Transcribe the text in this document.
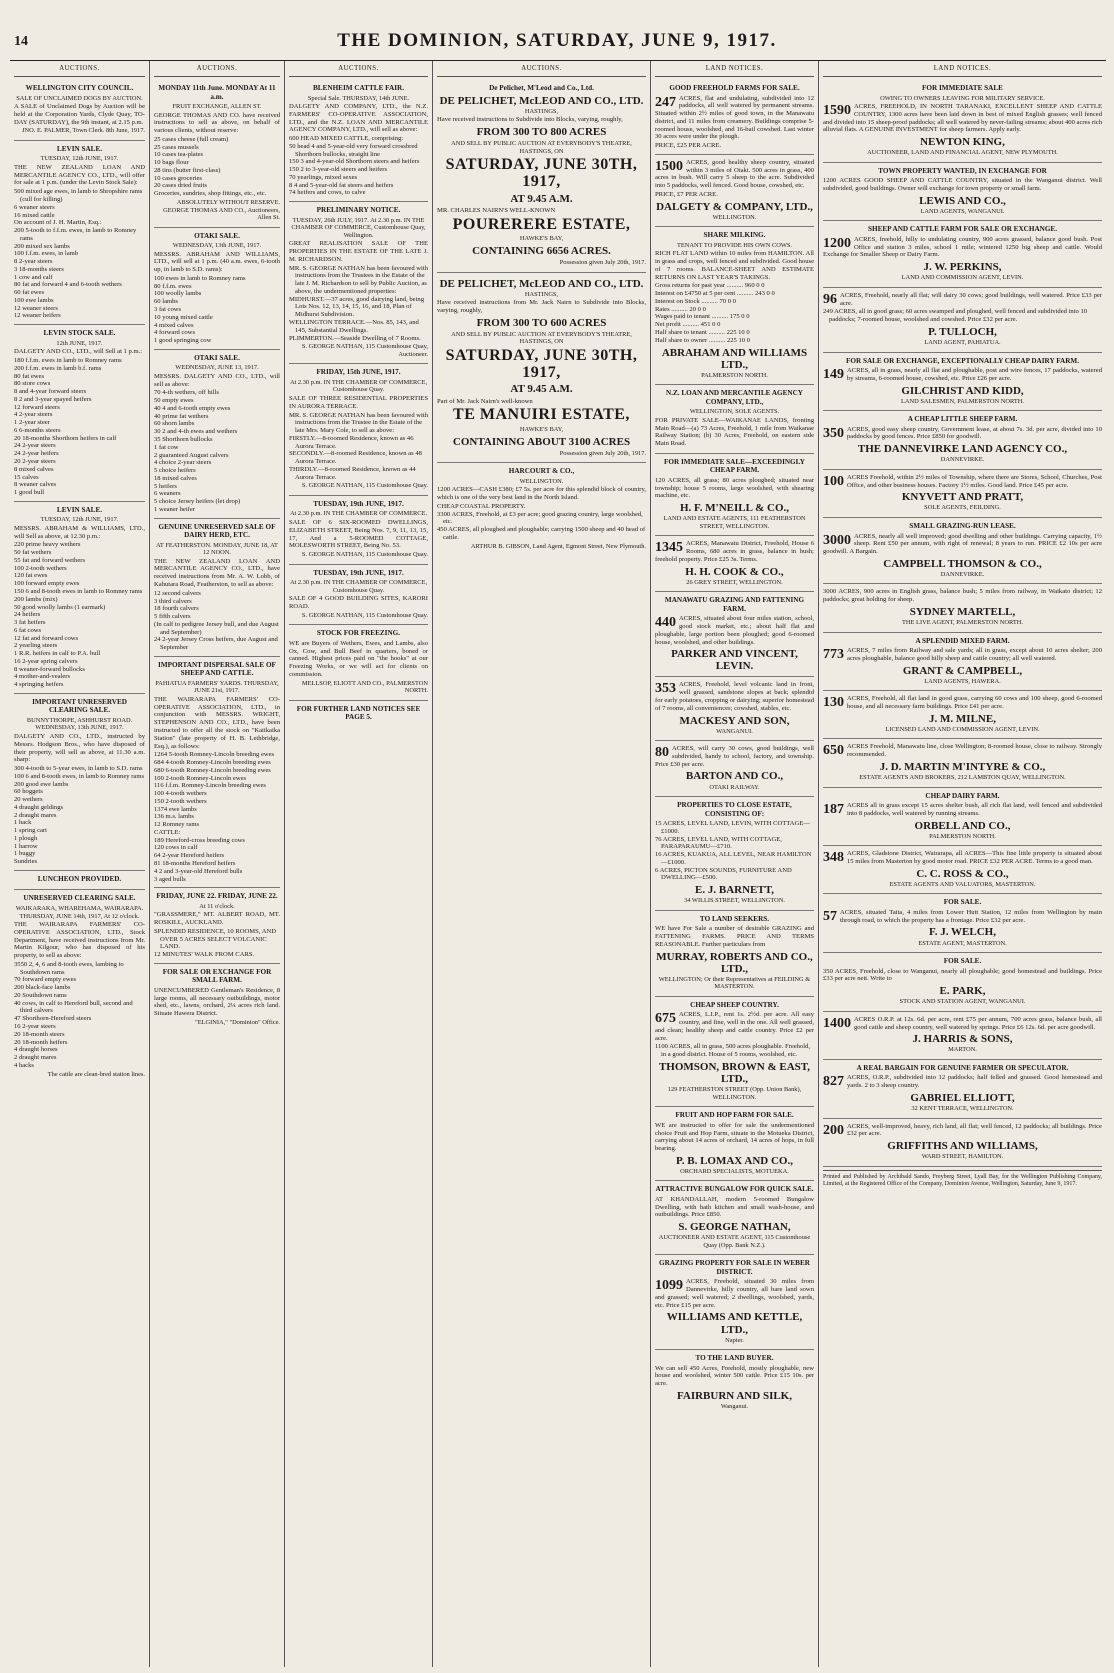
14	THE DOMINION, SATURDAY, JUNE 9, 1917.
AUCTIONS.
WELLINGTON CITY COUNCIL.
SALE OF UNCLAIMED DOGS BY AUCTION.
A SALE of Unclaimed Dogs by Auction will be held at the Corporation Yards, Clyde Quay, TO-DAY (SATURDAY), the 9th instant, at 2.15 p.m.
JNO. E. PALMER, Town Clerk. 8th June, 1917.
LEVIN SALE.
TUESDAY, 12th JUNE, 1917.
THE NEW ZEALAND LOAN AND MERCANTILE AGENCY CO., LTD., will offer for sale at 1 p.m. (under the Levin Stock Sale):
500 mixed age ewes, in lamb to Shropshire rams (cull for killing)
6 weaner steers
16 mixed cattle
On account of J. H. Martin, Esq.:
200 5-tooth to f.f.m. ewes, in lamb to Romney rams
200 mixed sex lambs
100 f.f.m. ewes, in lamb
8 2-year steers
3 18-months steers
1 cow and calf
80 fat and forward 4 and 6-tooth wethers
60 fat ewes
100 ewe lambs
12 weaner steers
12 weaner heifers
LEVIN STOCK SALE.
12th JUNE, 1917.
DALGETY AND CO., LTD., will Sell at 1 p.m.:
180 f.f.m. ewes in lamb to Romney rams
200 f.f.m. ewes in lamb b.f. rams
80 fat ewes
80 store cows
8 and 4-year forward steers
8 2 and 3-year spayed heifers
12 forward steers
4 2-year steers
1 2-year steer
6 6-months steers
20 18-months Shorthorn heifers in calf
24 2-year steers
24 2-year heifers
20 2-year steers
8 mixed calves
15 calves
8 weaner calves
1 good bull
LEVIN SALE.
TUESDAY, 12th JUNE, 1917.
MESSRS. ABRAHAM & WILLIAMS, LTD., will Sell as above, at 12.30 p.m.:
220 prime heavy wethers
50 fat wethers
55 fat and forward wethers
100 2-tooth wethers
120 fat ewes
100 forward empty ewes
150 6 and 8-tooth ewes in lamb to Romney rams
200 lambs (mix)
50 good woolly lambs (1 earmark)
24 heifers
3 fat heifers
6 fat cows
12 fat and forward cows
2 yearling steers
1 R.R. heifers in calf to P.A. bull
16 2-year spring calvers
8 weaner-forward bullocks
4 mother-and-vealers
4 springing heifers
IMPORTANT UNRESERVED CLEARING SALE.
BUNNYTHORPE, ASHHURST ROAD. WEDNESDAY, 13th JUNE, 1917.
DALGETY AND CO., LTD., instructed by Messrs. Hodgson Bros., who have disposed of their property, will sell as above, at 11.30 a.m. sharp:
300 4-tooth to 5-year ewes, in lamb to S.D. rams
100 6 and 8-tooth ewes, in lamb to Romney rams
200 good ewe lambs
60 hoggets
20 wethers
4 draught geldings
2 draught mares
1 hack
1 spring cart
1 plough
1 harrow
1 buggy
Sundries
LUNCHEON PROVIDED.
UNRESERVED CLEARING SALE.
WAIKARAKA, WHAREHAMA, WAIRARAPA. THURSDAY, JUNE 14th, 1917, At 12 o'clock.
THE WAIRARAPA FARMERS' CO-OPERATIVE ASSOCIATION, LTD., Stock Department, have received instructions from Mr. Martin Kilgour, who has disposed of his property, to sell as above:
3550 2, 4, 6 and 8-tooth ewes, lambing to Southdown rams
70 forward empty ewes
200 black-face lambs
20 Southdown rams
40 cows, in calf to Hereford bull, second and third calvers
47 Shorthorn-Hereford steers
16 2-year steers
20 18-month steers
20 18-month heifers
4 draught horses
2 draught mares
4 hacks
The cattle are clean-bred station lines.
AUCTIONS.
MONDAY 11th June. MONDAY At 11 a.m.
FRUIT EXCHANGE, ALLEN ST.
GEORGE THOMAS AND CO. have received instructions to sell as above, on behalf of various clients, without reserve:
25 cases cheese (full cream)
25 cases mussels
10 cases tea-plates
10 bags flour
28 tins (butter first-class)
10 cases groceries
20 cases dried fruits
Groceries, sundries, shop fittings, etc., etc.
ABSOLUTELY WITHOUT RESERVE. GEORGE THOMAS AND CO., Auctioneers, Allen St.
OTAKI SALE.
WEDNESDAY, 13th JUNE, 1917.
MESSRS. ABRAHAM AND WILLIAMS, LTD., will sell at 1 p.m. (40 a.m. ewes, 6-tooth up, in lamb to S.D. rams):
100 ewes in lamb to Romney rams
80 f.f.m. ewes
100 woolly lambs
60 lambs
3 fat cows
10 young mixed cattle
4 mixed calves
4 forward cows
1 good springing cow
OTAKI SALE.
WEDNESDAY, JUNE 13, 1917.
MESSRS. DALGETY AND CO., LTD., will sell as above:
70 4-th wethers, off hills
50 empty ewes
40 4 and 6-tooth empty ewes
40 prime fat wethers
60 shorn lambs
30 2 and 4-th ewes and wethers
35 Shorthorn bullocks
1 fat cow
2 guaranteed August calvers
4 choice 2-year steers
5 choice heifers
18 mixed calves
5 heifers
6 weaners
5 choice Jersey heifers (let drop)
1 weaner heifer
GENUINE UNRESERVED SALE OF DAIRY HERD, ETC.
AT FEATHERSTON. MONDAY, JUNE 18, AT 12 NOON.
THE NEW ZEALAND LOAN AND MERCANTILE AGENCY CO., LTD., have received instructions from Mr. A. W. Lobb, of Kahutara Road, Featherston, to sell as above:
12 second calvers
3 third calvers
18 fourth calvers
5 fifth calvers
(In calf to pedigree Jersey bull, and due August and September)
24 2-year Jersey Cross heifers, due August and September
IMPORTANT DISPERSAL SALE OF SHEEP AND CATTLE.
PAHIATUA FARMERS' YARDS. THURSDAY, JUNE 21st, 1917.
THE WAIRARAPA FARMERS' CO-OPERATIVE ASSOCIATION, LTD., in conjunction with MESSRS. WRIGHT, STEPHENSON AND CO., LTD., have been instructed to offer all the stock on "Kaiikaika Station" (late property of H. B. Lethbridge, Esq.), as follows:
1264 5-tooth Romney-Lincoln breeding ewes
684 4-tooth Romney-Lincoln breeding ewes
680 6-tooth Romney-Lincoln breeding ewes
100 2-tooth Romney-Lincoln ewes
116 f.f.m. Romney-Lincoln breeding ewes
100 4-tooth wethers
150 2-tooth wethers
1374 ewe lambs
136 m.s. lambs
12 Romney rams
CATTLE:
189 Hereford-cross breeding cows
120 cows in calf
64 2-year Hereford heifers
81 18-months Hereford heifers
4 2 and 3-year-old Hereford bulls
3 aged bulls
FRIDAY, JUNE 22. FRIDAY, JUNE 22.
At 11 o'clock.
"GRASSMERE," MT. ALBERT ROAD, MT. ROSKILL, AUCKLAND.
SPLENDID RESIDENCE, 10 ROOMS, AND OVER 5 ACRES SELECT VOLCANIC LAND.
12 MINUTES' WALK FROM CARS.
FOR SALE OR EXCHANGE FOR SMALL FARM.
UNENCUMBERED Gentleman's Residence, 8 large rooms, all necessary outbuildings, motor shed, etc., lawns, orchard, 2¼ acres rich land. Situate Hawera District.
"ELGINIA," "Dominion" Office.
AUCTIONS.
BLENHEIM CATTLE FAIR.
Special Sale. THURSDAY, 14th JUNE.
DALGETY AND COMPANY, LTD., the N.Z. FARMERS' CO-OPERATIVE ASSOCIATION, LTD., and the N.Z. LOAN AND MERCANTILE AGENCY COMPANY, LTD., will sell as above:
600 HEAD MIXED CATTLE, comprising:
50 head 4 and 5-year-old very forward crossbred Shorthorn bullocks, straight line
150 3 and 4-year-old Shorthorn steers and heifers
150 2 to 3-year-old steers and heifers
70 yearlings, mixed sexes
8 4 and 5-year-old fat steers and heifers
74 heifers and cows, to calve
PRELIMINARY NOTICE.
TUESDAY, 26th JULY, 1917. At 2.30 p.m. IN THE CHAMBER OF COMMERCE, Customhouse Quay, Wellington.
GREAT REALISATION SALE OF THE PROPERTIES IN THE ESTATE OF THE LATE J. M. RICHARDSON.
MR. S. GEORGE NATHAN has been favoured with instructions from the Trustees in the Estate of the late J. M. Richardson to sell by Public Auction, as above, the undermentioned properties:
MIDHURST.—37 acres, good dairying land, being Lots Nos. 12, 13, 14, 15, 16, and 18, Plan of Midhurst Subdivision.
WELLINGTON TERRACE.—Nos. 85, 143, and 145, Substantial Dwellings.
PLIMMERTON.—Seaside Dwelling of 7 Rooms.
S. GEORGE NATHAN, 115 Customhouse Quay, Auctioneer.
FRIDAY, 15th JUNE, 1917.
At 2.30 p.m. IN THE CHAMBER OF COMMERCE, Customhouse Quay.
SALE OF THREE RESIDENTIAL PROPERTIES IN AURORA TERRACE.
MR. S. GEORGE NATHAN has been favoured with instructions from the Trustee in the Estate of the late Mrs. Mary Cole, to sell as above:
FIRSTLY.—8-roomed Residence, known as 46 Aurora Terrace.
SECONDLY.—8-roomed Residence, known as 48 Aurora Terrace.
THIRDLY.—8-roomed Residence, known as 44 Aurora Terrace.
S. GEORGE NATHAN, 115 Customhouse Quay.
TUESDAY, 19th JUNE, 1917.
At 2.30 p.m. IN THE CHAMBER OF COMMERCE.
SALE OF 6 SIX-ROOMED DWELLINGS, ELIZABETH STREET, Being Nos. 7, 9, 11, 13, 15, 17, And a 5-ROOMED COTTAGE, MOLESWORTH STREET, Being No. 53.
S. GEORGE NATHAN, 115 Customhouse Quay.
TUESDAY, 19th JUNE, 1917.
At 2.30 p.m. IN THE CHAMBER OF COMMERCE, Customhouse Quay.
SALE OF 4 GOOD BUILDING SITES, KARORI ROAD.
S. GEORGE NATHAN, 115 Customhouse Quay.
STOCK FOR FREEZING.
WE are Buyers of Wethers, Ewes, and Lambs, also Ox, Cow, and Bull Beef in quarters, boned or canned. Highest prices paid on "the hooks" at our Freezing Works, or we will act for clients on commission.
MELLSOP, ELIOTT AND CO., PALMERSTON NORTH.
FOR FURTHER LAND NOTICES SEE PAGE 5.
AUCTIONS.
De Pelichet, M'Leod and Co., Ltd.
DE PELICHET, McLEOD AND CO., LTD.
HASTINGS,
Have received instructions to Subdivide into Blocks, varying, roughly,
FROM 300 TO 800 ACRES
AND SELL BY PUBLIC AUCTION AT EVERYBODY'S THEATRE, HASTINGS, ON
SATURDAY, JUNE 30TH, 1917,
AT 9.45 A.M.
MR. CHARLES NAIRN'S WELL-KNOWN
POURERERE ESTATE,
HAWKE'S BAY,
CONTAINING 6656 ACRES.
Possession given July 20th, 1917.
DE PELICHET, McLEOD AND CO., LTD.
HASTINGS,
Have received instructions from Mr. Jack Nairn to Subdivide into Blocks, varying, roughly,
FROM 300 TO 600 ACRES
AND SELL BY PUBLIC AUCTION AT EVERYBODY'S THEATRE, HASTINGS, ON
SATURDAY, JUNE 30TH, 1917,
AT 9.45 A.M.
Part of Mr. Jack Nairn's well-known
TE MANUIRI ESTATE,
HAWKE'S BAY,
CONTAINING ABOUT 3100 ACRES
Possession given July 20th, 1917.
HARCOURT & CO.,
WELLINGTON.
1200 ACRES—CASH £380; £7 5s. per acre for this splendid block of country, which is one of the very best land in the North Island.
CHEAP COASTAL PROPERTY.
3300 ACRES, Freehold, at £3 per acre; good grazing country, large woolshed, etc.
450 ACRES, all ploughed and ploughable; carrying 1500 sheep and 40 head of cattle.
ARTHUR B. GIBSON, Land Agent, Egmont Street, New Plymouth.
LAND NOTICES.
GOOD FREEHOLD FARMS FOR SALE.
247 ACRES, flat and undulating, subdivided into 12 paddocks, all well watered by permanent streams. Situated within 2½ miles of good town, in the Manawatu district, and 11 miles from creamery. Buildings comprise 5-roomed house, woolshed, and 16-bail cowshed. Last winter 30 acres were under the plough.
PRICE, £25 PER ACRE.
1500 ACRES, good healthy sheep country, situated within 3 miles of Otaki. 500 acres in grass, 400 acres in bush. Will carry 5 sheep to the acre. Subdivided into 5 paddocks, well fenced. Good house, cowshed, etc.
PRICE, £7 PER ACRE.
DALGETY & COMPANY, LTD.,
WELLINGTON.
SHARE MILKING.
TENANT TO PROVIDE HIS OWN COWS.
RICH FLAT LAND within 10 miles from HAMILTON. All in grass and crops, well fenced and subdivided. Good house of 7 rooms. BALANCE-SHEET AND ESTIMATE RETURNS ON LAST YEAR'S TAKINGS.
Gross returns for past year .......... 960 0 0
Interest on £4750 at 5 per cent .......... 243 0 0
Interest on Stock .......... 70 0 0
Rates .......... 20 0 0
Wages paid to tenant .......... 175 0 0
Net profit .......... 451 0 0
Half share to tenant .......... 225 10 0
Half share to owner .......... 225 10 0
ABRAHAM AND WILLIAMS LTD.,
PALMERSTON NORTH.
N.Z. LOAN AND MERCANTILE AGENCY COMPANY, LTD.,
WELLINGTON, SOLE AGENTS.
FOR PRIVATE SALE—WAIKANAE LANDS, fronting Main Road—(a) 73 Acres, Freehold, 1 mile from Waikanae Railway Station; (b) 30 Acres, Freehold, on eastern side Main Road.
FOR IMMEDIATE SALE—EXCEEDINGLY CHEAP FARM.
120 ACRES, all grass; 80 acres ploughed; situated near township; house 5 rooms, large woolshed, with shearing machine, etc.
H. F. M'NEILL & CO.,
LAND AND ESTATE AGENTS, 111 FEATHERSTON STREET, WELLINGTON.
1345 ACRES, Manawatu District, Freehold, House 6 Rooms, 680 acres in grass, balance in bush; freehold property. Price £25 3s. Terms.
H. H. COOK & CO.,
26 GREY STREET, WELLINGTON.
MANAWATU GRAZING AND FATTENING FARM.
440 ACRES, situated about four miles station, school, good stock market, etc.; about half flat and ploughable, large portion been ploughed; good 6-roomed house, woolshed, and other buildings.
PARKER AND VINCENT, LEVIN.
353 ACRES, Freehold, level volcanic land in front, well grassed, sandstone slopes at back; splendid for early potatoes, cropping or dairying; superior homestead of 7 rooms, all conveniences; cowshed, stables, etc.
MACKESY AND SON,
WANGANUI.
80 ACRES, will carry 30 cows, good buildings, well subdivided, handy to school, factory, and township. Price £30 per acre.
BARTON AND CO.,
OTAKI RAILWAY.
PROPERTIES TO CLOSE ESTATE, CONSISTING OF:
15 ACRES, LEVEL LAND, LEVIN, WITH COTTAGE—£1000.
76 ACRES, LEVEL LAND, WITH COTTAGE, PARAPARAUMU—£710.
16 ACRES, KUAKUA, ALL LEVEL, NEAR HAMILTON—£1000.
6 ACRES, PICTON SOUNDS, FURNITURE AND DWELLING—£500.
E. J. BARNETT,
34 WILLIS STREET, WELLINGTON.
TO LAND SEEKERS.
WE have For Sale a number of desirable GRAZING and FATTENING FARMS. PRICE AND TERMS REASONABLE. Further particulars from
MURRAY, ROBERTS AND CO., LTD.,
WELLINGTON; Or their Representatives at FEILDING & MASTERTON.
CHEAP SHEEP COUNTRY.
675 ACRES, L.I.P., rent 1s. 2½d. per acre. All easy country, and fine, well in the one. All well grassed, and clean; healthy sheep and cattle country. Price £2 per acre.
1100 ACRES, all in grass, 500 acres ploughable. Freehold, in a good district. House of 5 rooms, woolshed, etc.
THOMSON, BROWN & EAST, LTD.,
129 FEATHERSTON STREET (Opp. Union Bank), WELLINGTON.
FRUIT AND HOP FARM FOR SALE.
WE are instructed to offer for sale the undermentioned choice Fruit and Hop Farm, situate in the Motueka District, carrying about 14 acres of orchard, 14 acres of hops, in full bearing.
P. B. LOMAX AND CO.,
ORCHARD SPECIALISTS, MOTUEKA.
ATTRACTIVE BUNGALOW FOR QUICK SALE.
AT KHANDALLAH, modern 5-roomed Bungalow Dwelling, with bath kitchen and small wash-house, and outbuildings. Price £850.
S. GEORGE NATHAN,
AUCTIONEER AND ESTATE AGENT, 115 Customhouse Quay (Opp. Bank N.Z.).
GRAZING PROPERTY FOR SALE IN WEBER DISTRICT.
1099 ACRES, Freehold, situated 30 miles from Dannevirke, hilly country, all bare land sown and grassed; well watered; 2 dwellings, woolshed, yards, etc. Price £15 per acre.
WILLIAMS AND KETTLE, LTD.,
Napier.
TO THE LAND BUYER.
We can sell 450 Acres, Freehold, mostly ploughable, new house and woolshed, winter 500 cattle. Price £15 10s. per acre.
FAIRBURN AND SILK,
Wanganui.
LAND NOTICES.
FOR IMMEDIATE SALE
OWING TO OWNERS LEAVING FOR MILITARY SERVICE.
1590 ACRES, FREEHOLD, IN NORTH TARANAKI, EXCELLENT SHEEP AND CATTLE COUNTRY, 1300 acres have been laid down in best of mixed English grasses; well fenced and divided into 15 sheep-proof paddocks; all well watered by never-failing streams; about 400 acres rich alluvial flats. A GENUINE INVESTMENT for sheep farmers. Apply early.
NEWTON KING,
AUCTIONEER, LAND AND FINANCIAL AGENT, NEW PLYMOUTH.
TOWN PROPERTY WANTED, IN EXCHANGE FOR
1200 ACRES GOOD SHEEP AND CATTLE COUNTRY, situated in the Wanganui district. Well subdivided, good buildings. Owner will exchange for town property or small farm.
LEWIS AND CO.,
LAND AGENTS, WANGANUI.
SHEEP AND CATTLE FARM FOR SALE OR EXCHANGE.
1200 ACRES, freehold, hilly to undulating country, 900 acres grassed, balance good bush. Post Office and station 3 miles, school 1 mile; wintered 1250 big sheep and cattle. Would Exchange for Smaller Sheep or Dairy Farm.
J. W. PERKINS,
LAND AND COMMISSION AGENT, LEVIN.
96 ACRES, Freehold, nearly all flat; will dairy 30 cows; good buildings, well watered. Price £33 per acre.
249 ACRES, all in good grass; 60 acres swamped and ploughed, well fenced and subdivided into 10 paddocks; 7-roomed house, woolshed and cowshed. Price £32 per acre.
P. TULLOCH,
LAND AGENT, PAHIATUA.
FOR SALE OR EXCHANGE, EXCEPTIONALLY CHEAP DAIRY FARM.
149 ACRES, all in grass, nearly all flat and ploughable, post and wire fences, 17 paddocks, watered by streams, 6-roomed house, cowshed, etc. Price £26 per acre.
GILCHRIST AND KIDD,
LAND SALESMEN, PALMERSTON NORTH.
A CHEAP LITTLE SHEEP FARM.
350 ACRES, good easy sheep country, Government lease, at about 7s. 3d. per acre, divided into 10 paddocks by good fences. Price £850 for goodwill.
THE DANNEVIRKE LAND AGENCY CO.,
DANNEVIRKE.
100 ACRES Freehold, within 2½ miles of Township, where there are Stores, School, Churches, Post Office, and other business houses. Factory 1½ miles. Good land. Price £45 per acre.
KNYVETT AND PRATT,
SOLE AGENTS, FEILDING.
SMALL GRAZING-RUN LEASE.
3000 ACRES, nearly all well improved; good dwelling and other buildings. Carrying capacity, 1½ sheep. Rent £50 per annum, with right of renewal; 8 years to run. PRICE £2 10s per acre goodwill. A Bargain.
CAMPBELL THOMSON & CO.,
DANNEVIRKE.
3000 ACRES, 900 acres in English grass, balance bush; 5 miles from railway, in Waikato district; 12 paddocks; great holding for sheep.
SYDNEY MARTELL,
THE LIVE AGENT, PALMERSTON NORTH.
A SPLENDID MIXED FARM.
773 ACRES, 7 miles from Railway and sale yards; all in grass, except about 10 acres shelter; 200 acres ploughable, balance good hilly sheep and cattle country; all well watered.
GRANT & CAMPBELL,
LAND AGENTS, HAWERA.
130 ACRES, Freehold, all flat land in good grass, carrying 60 cows and 100 sheep, good 6-roomed house, and all necessary farm buildings. Price £41 per acre.
J. M. MILNE,
LICENSED LAND AND COMMISSION AGENT, LEVIN.
650 ACRES Freehold, Manawatu line, close Wellington; 8-roomed house, close to railway. Strongly recommended.
J. D. MARTIN M'INTYRE & CO.,
ESTATE AGENTS AND BROKERS, 212 LAMBTON QUAY, WELLINGTON.
CHEAP DAIRY FARM.
187 ACRES all in grass except 15 acres shelter bush, all rich flat land, well fenced and subdivided into 8 paddocks, well watered by running streams.
ORBELL AND CO.,
PALMERSTON NORTH.
348 ACRES, Gladstone District, Wairarapa, all ACRES—This fine little property is situated about 15 miles from Masterton by good motor road. PRICE £32 PER ACRE. Terms to a good man.
C. C. ROSS & CO.,
ESTATE AGENTS AND VALUATORS, MASTERTON.
FOR SALE.
57 ACRES, situated Taita, 4 miles from Lower Hutt Station, 12 miles from Wellington by main through road, to which the property has a frontage. Price £32 per acre.
F. J. WELCH,
ESTATE AGENT, MASTERTON.
FOR SALE.
350 ACRES, Freehold, close to Wanganui, nearly all ploughable; good homestead and buildings. Price £33 per acre nett. Write to
E. PARK,
STOCK AND STATION AGENT, WANGANUI.
1400 ACRES O.R.P. at 12s. 6d. per acre, rent £75 per annum, 700 acres grass, balance bush, all good cattle and sheep country, well watered by springs. Price £6 12s. 6d. per acre goodwill.
J. HARRIS & SONS,
MARTON.
A REAL BARGAIN FOR GENUINE FARMER OR SPECULATOR.
827 ACRES, O.R.P., subdivided into 12 paddocks; half felled and grassed. Good homestead and yards. 2 to 3 sheep country.
GABRIEL ELLIOTT,
32 KENT TERRACE, WELLINGTON.
200 ACRES, well-improved, heavy, rich land, all flat; well fenced, 12 paddocks; all buildings. Price £32 per acre.
GRIFFITHS AND WILLIAMS,
WARD STREET, HAMILTON.
Printed and Published by Archibald Sando, Freyberg Street, Lyall Bay, for the Wellington Publishing Company, Limited, at the Registered Office of the Company, Dominion Avenue, Wellington, Saturday, June 9, 1917.
